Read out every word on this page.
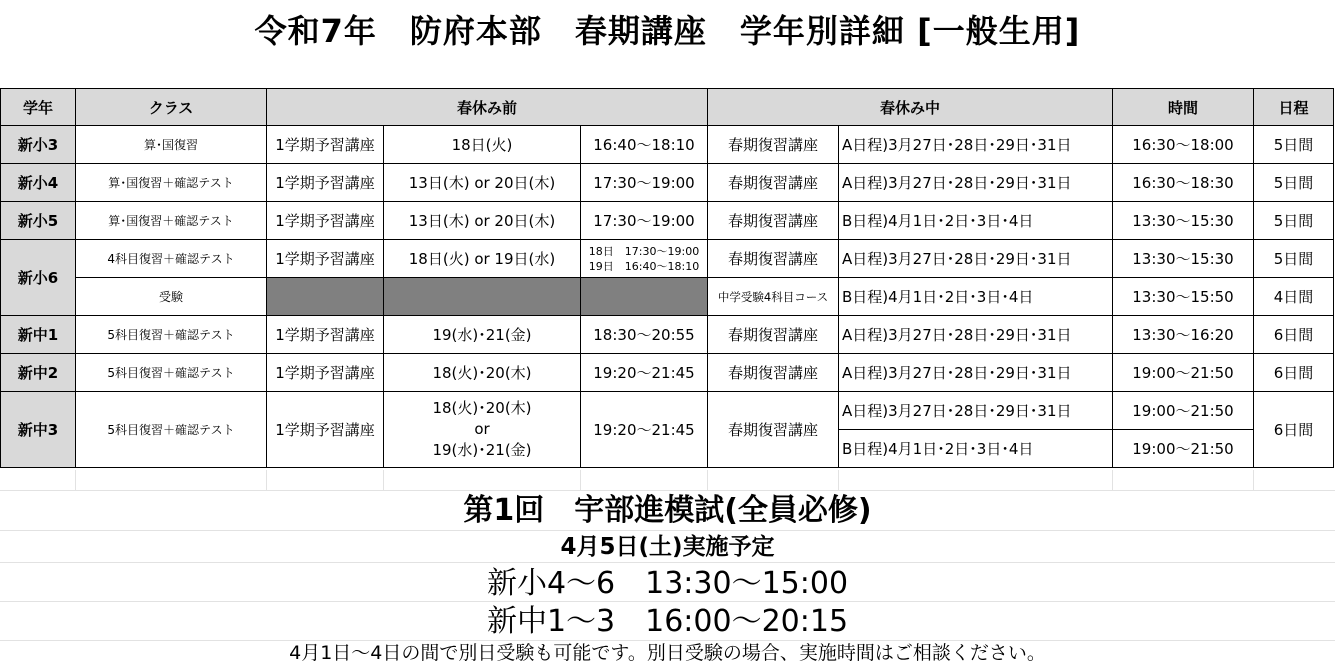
令和7年　防府本部　春期講座　学年別詳細 [一般生用]
学年	クラス	春休み前			春休み中		時間	日程
新小3	算･国復習	1学期予習講座	18日(火)	16:40～18:10	春期復習講座	A日程)3月27日･28日･29日･31日	16:30～18:00	5日間
新小4	算･国復習＋確認テスト	1学期予習講座	13日(木) or 20日(木)	17:30～19:00	春期復習講座	A日程)3月27日･28日･29日･31日	16:30～18:30	5日間
新小5	算･国復習＋確認テスト	1学期予習講座	13日(木) or 20日(木)	17:30～19:00	春期復習講座	B日程)4月1日･2日･3日･4日	13:30～15:30	5日間
新小6	4科目復習＋確認テスト	1学期予習講座	18日(火) or 19日(水)	18日　17:30～19:00
19日　16:40～18:10	春期復習講座	A日程)3月27日･28日･29日･31日	13:30～15:30	5日間
	受験				中学受験4科目コース	B日程)4月1日･2日･3日･4日	13:30～15:50	4日間
新中1	5科目復習＋確認テスト	1学期予習講座	19(水)･21(金)	18:30～20:55	春期復習講座	A日程)3月27日･28日･29日･31日	13:30～16:20	6日間
新中2	5科目復習＋確認テスト	1学期予習講座	18(火)･20(木)	19:20～21:45	春期復習講座	A日程)3月27日･28日･29日･31日	19:00～21:50	6日間
新中3	5科目復習＋確認テスト	1学期予習講座	18(火)･20(木)
or
19(水)･21(金)	19:20～21:45	春期復習講座	A日程)3月27日･28日･29日･31日	19:00～21:50	6日間
						B日程)4月1日･2日･3日･4日	19:00～21:50	
第1回　宇部進模試(全員必修)
4月5日(土)実施予定
新小4～6　13:30～15:00
新中1～3　16:00～20:15
4月1日～4日の間で別日受験も可能です。別日受験の場合、実施時間はご相談ください。
